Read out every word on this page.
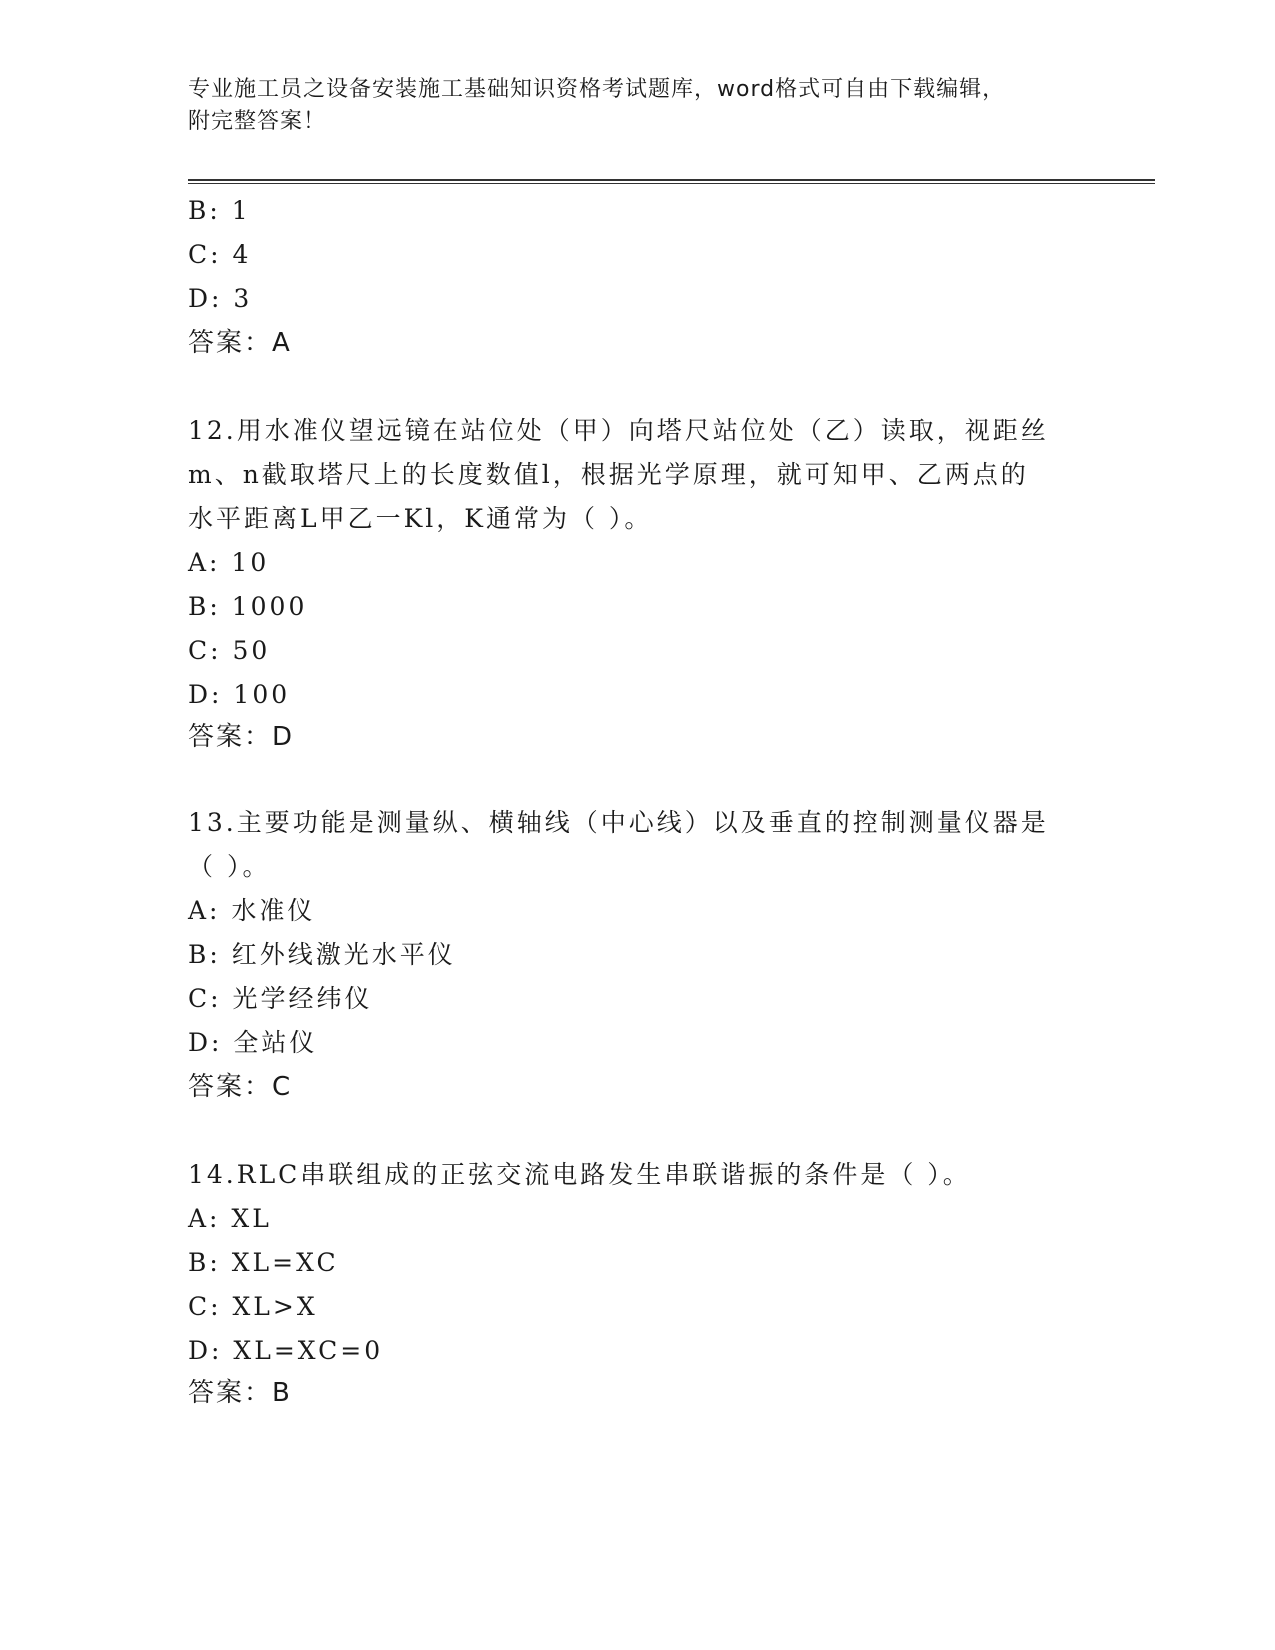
专业施工员之设备安装施工基础知识资格考试题库，word格式可自由下载编辑，
附完整答案！
B: 1
C: 4
D: 3
答案：A
12.用水准仪望远镜在站位处（甲）向塔尺站位处（乙）读取，视距丝
m、n截取塔尺上的长度数值l，根据光学原理，就可知甲、乙两点的
水平距离L甲乙一Kl，K通常为（ ）。
A: 10
B: 1000
C: 50
D: 100
答案：D
13.主要功能是测量纵、横轴线（中心线）以及垂直的控制测量仪器是
（ ）。
A: 水准仪
B: 红外线激光水平仪
C: 光学经纬仪
D: 全站仪
答案：C
14.RLC串联组成的正弦交流电路发生串联谐振的条件是（ ）。
A: XL
B: XL=XC
C: XL>X
D: XL=XC=0
答案：B
